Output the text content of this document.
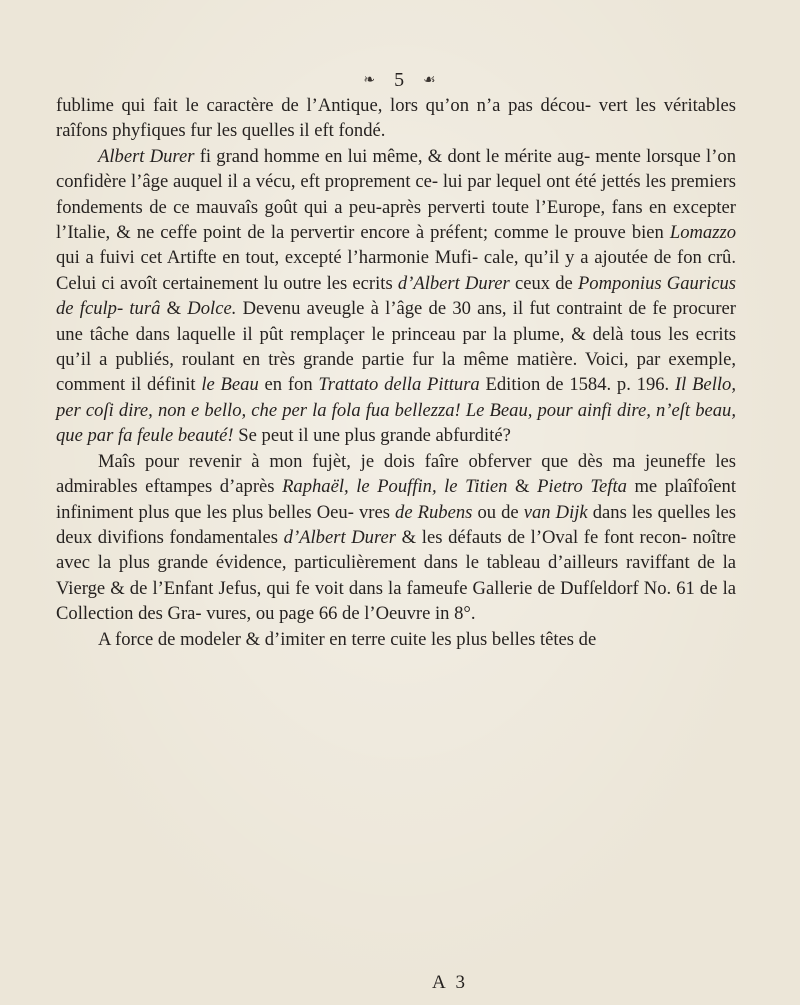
❧ 5 ☙

fublime qui fait le caractère de l’Antique, lors qu’on n’a pas décou- vert les véritables raîfons phyfiques fur les quelles il eft fondé.

Albert Durer fi grand homme en lui même, & dont le mérite aug- mente lorsque l’on confidère l’âge auquel il a vécu, eft proprement ce- lui par lequel ont été jettés les premiers fondements de ce mauvaîs goût qui a peu-après perverti toute l’Europe, fans en excepter l’Italie, & ne ceffe point de la pervertir encore à préfent; comme le prouve bien Lomazzo qui a fuivi cet Artifte en tout, excepté l’harmonie Mufi- cale, qu’il y a ajoutée de fon crû. Celui ci avoît certainement lu outre les ecrits d’Albert Durer ceux de Pomponius Gauricus de fculp- turâ & Dolce. Devenu aveugle à l’âge de 30 ans, il fut contraint de fe procurer une tâche dans laquelle il pût remplaçer le princeau par la plume, & delà tous les ecrits qu’il a publiés, roulant en très grande partie fur la même matière. Voici, par exemple, comment il définit le Beau en fon Trattato della Pittura Edition de 1584. p. 196. Il Bello, per coſi dire, non e bello, che per la fola fua bellezza! Le Beau, pour ainfi dire, n’eſt beau, que par fa feule beauté! Se peut il une plus grande abfurdité?

Maîs pour revenir à mon fujèt, je dois faîre obferver que dès ma jeuneffe les admirables eftampes d’après Raphaël, le Pouffin, le Titien & Pietro Tefta me plaîfoîent infiniment plus que les plus belles Oeu- vres de Rubens ou de van Dijk dans les quelles les deux divifions fondamentales d’Albert Durer & les défauts de l’Oval fe font recon- noître avec la plus grande évidence, particulièrement dans le tableau d’ailleurs raviffant de la Vierge & de l’Enfant Jefus, qui fe voit dans la fameufe Gallerie de Dufſeldorf No. 61 de la Collection des Gra- vures, ou page 66 de l’Oeuvre in 8°.

A force de modeler & d’imiter en terre cuite les plus belles têtes de

A 3
